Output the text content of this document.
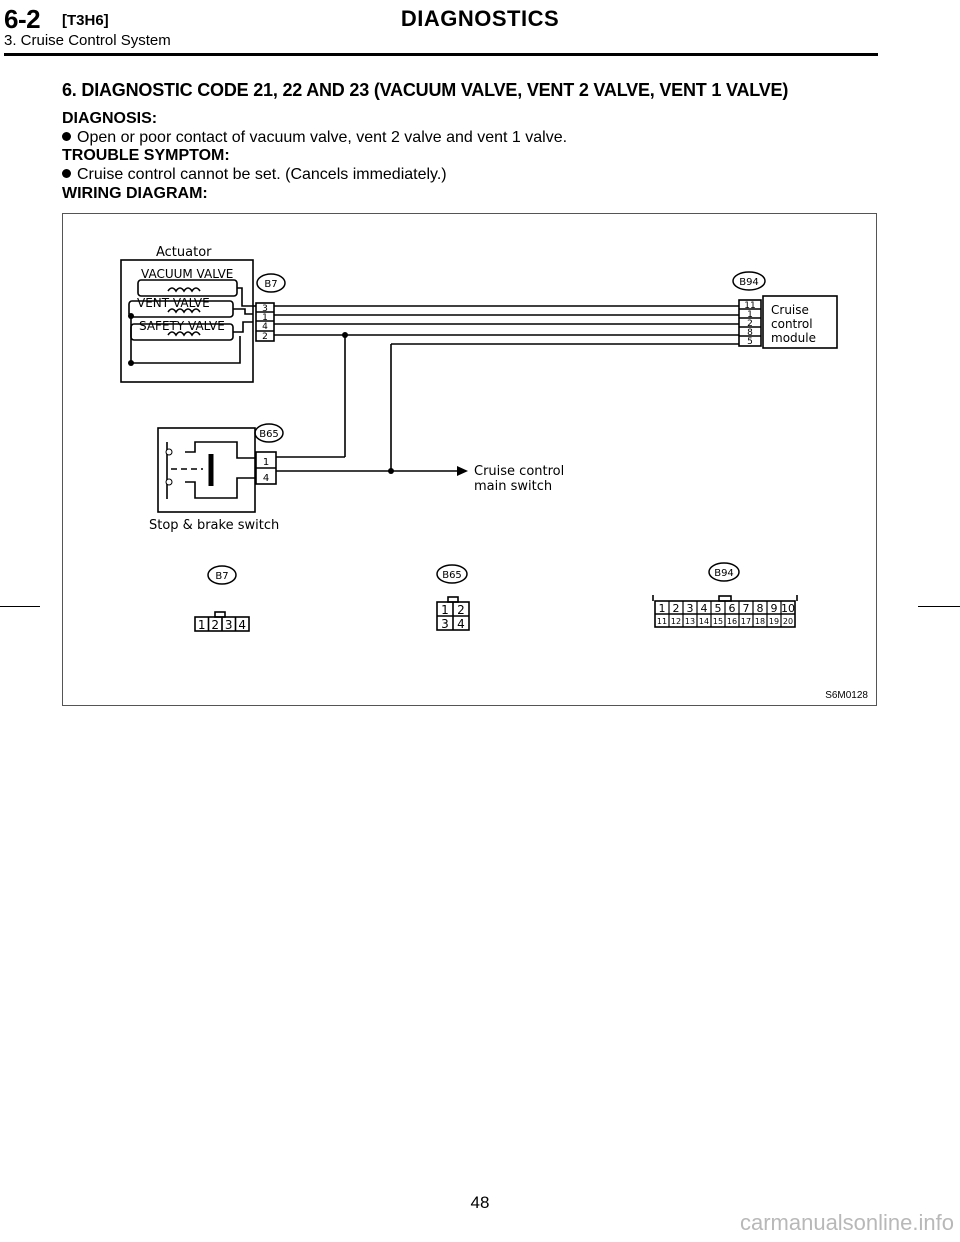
6-2 [T3H6]	DIAGNOSTICS
3. Cruise Control System
6. DIAGNOSTIC CODE 21, 22 AND 23 (VACUUM VALVE, VENT 2 VALVE, VENT 1 VALVE)
DIAGNOSIS:
Open or poor contact of vacuum valve, vent 2 valve and vent 1 valve.
TROUBLE SYMPTOM:
Cruise control cannot be set. (Cancels immediately.)
WIRING DIAGRAM:
Actuator
VACUUM VALVE
VENT VALVE
SAFETY VALVE
B7	B94
B65
B7	B65	B94
3
1
4
2
11
1
2
8
5
1
4
Cruise
control
module
Cruise control
main switch
Stop & brake switch
1 2 3 4
1 2
3 4
1 2 3 4 5 6 7 8 9 10
11 12 13 14 15 16 17 18 19 20
S6M0128
48
carmanualsonline.info
